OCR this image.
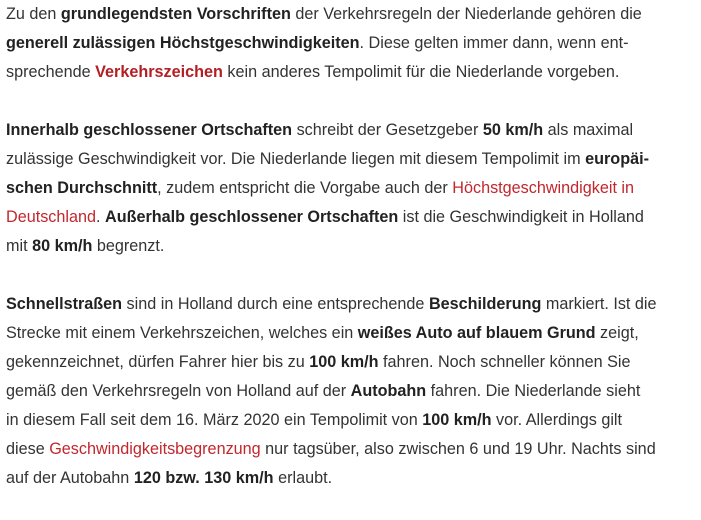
Zu den grundlegendsten Vorschriften der Verkehrsregeln der Niederlande gehören die
generell zulässigen Höchstgeschwindigkeiten. Diese gelten immer dann, wenn ent-
sprechende Verkehrszeichen kein anderes Tempolimit für die Niederlande vorgeben.

Innerhalb geschlossener Ortschaften schreibt der Gesetzgeber 50 km/h als maximal
zulässige Geschwindigkeit vor. Die Niederlande liegen mit diesem Tempolimit im europäi-
schen Durchschnitt, zudem entspricht die Vorgabe auch der Höchstgeschwindigkeit in
Deutschland. Außerhalb geschlossener Ortschaften ist die Geschwindigkeit in Holland
mit 80 km/h begrenzt.

Schnellstraßen sind in Holland durch eine entsprechende Beschilderung markiert. Ist die
Strecke mit einem Verkehrszeichen, welches ein weißes Auto auf blauem Grund zeigt,
gekennzeichnet, dürfen Fahrer hier bis zu 100 km/h fahren. Noch schneller können Sie
gemäß den Verkehrsregeln von Holland auf der Autobahn fahren. Die Niederlande sieht
in diesem Fall seit dem 16. März 2020 ein Tempolimit von 100 km/h vor. Allerdings gilt
diese Geschwindigkeitsbegrenzung nur tagsüber, also zwischen 6 und 19 Uhr. Nachts sind
auf der Autobahn 120 bzw. 130 km/h erlaubt.
